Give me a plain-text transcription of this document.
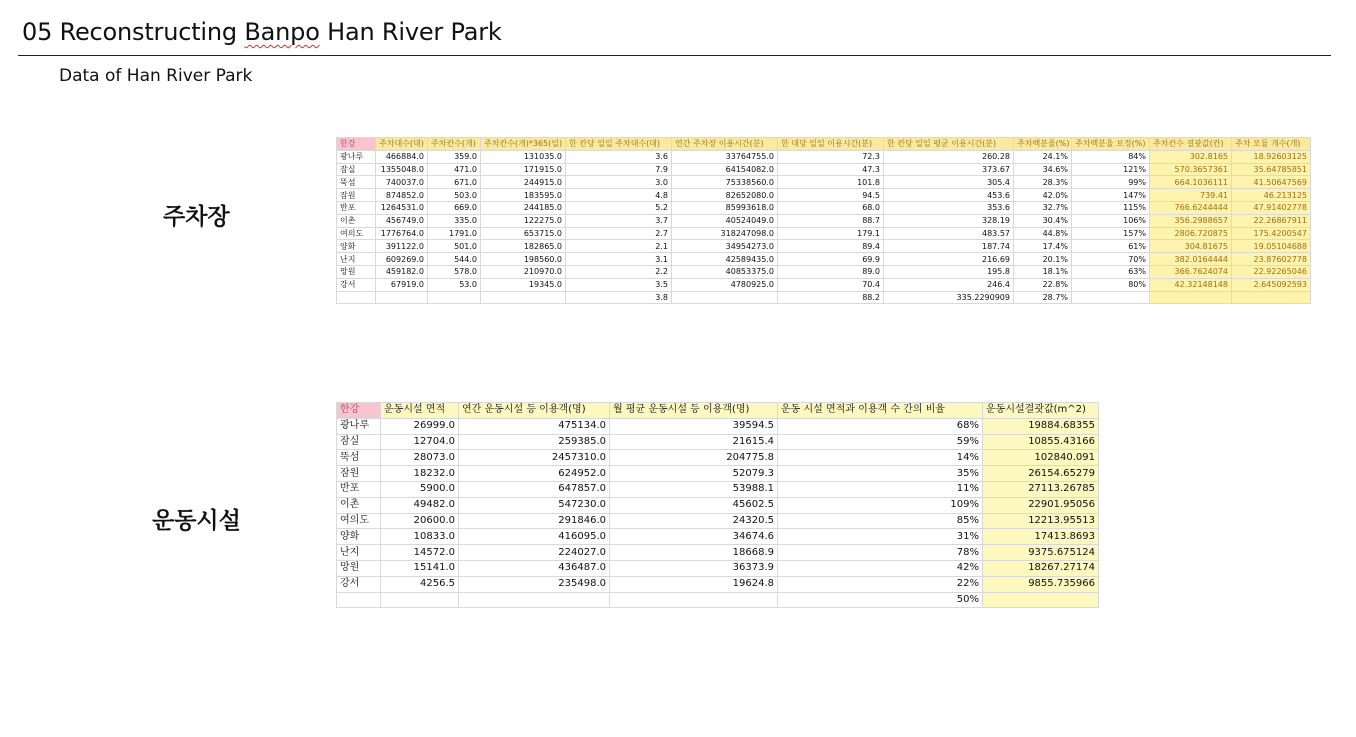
05 Reconstructing Banpo Han River Park
Data of Han River Park
주차장
운동시설
한강	주차대수(대)	주차칸수(개)	주차칸수(개)*365(일)	한 칸당 일일 주차대수(대)	연간 주차장 이용시간(분)	한 대당 일일 이용시간(분)	한 칸당 일일 평균 이용시간(분)	주차백분율(%)	주차백분율 보정(%)	주차칸수 결괏값(칸)	주차 모듈 개수(개)
광나루	466884.0	359.0	131035.0	3.6	33764755.0	72.3	260.28	24.1%	84%	302.8165	18.92603125
잠실	1355048.0	471.0	171915.0	7.9	64154082.0	47.3	373.67	34.6%	121%	570.3657361	35.64785851
뚝섬	740037.0	671.0	244915.0	3.0	75338560.0	101.8	305.4	28.3%	99%	664.1036111	41.50647569
잠원	874852.0	503.0	183595.0	4.8	82652080.0	94.5	453.6	42.0%	147%	739.41	46.213125
반포	1264531.0	669.0	244185.0	5.2	85993618.0	68.0	353.6	32.7%	115%	766.6244444	47.91402778
이촌	456749.0	335.0	122275.0	3.7	40524049.0	88.7	328.19	30.4%	106%	356.2988657	22.26867911
여의도	1776764.0	1791.0	653715.0	2.7	318247098.0	179.1	483.57	44.8%	157%	2806.720875	175.4200547
양화	391122.0	501.0	182865.0	2.1	34954273.0	89.4	187.74	17.4%	61%	304.81675	19.05104688
난지	609269.0	544.0	198560.0	3.1	42589435.0	69.9	216.69	20.1%	70%	382.0164444	23.87602778
망원	459182.0	578.0	210970.0	2.2	40853375.0	89.0	195.8	18.1%	63%	366.7624074	22.92265046
강서	67919.0	53.0	19345.0	3.5	4780925.0	70.4	246.4	22.8%	80%	42.32148148	2.645092593
				3.8		88.2	335.2290909	28.7%			
한강	운동시설 면적	연간 운동시설 등 이용객(명)	월 평균 운동시설 등 이용객(명)	운동 시설 면적과 이용객 수 간의 비율	운동시설결괏값(m^2)
광나루	26999.0	475134.0	39594.5	68%	19884.68355
잠실	12704.0	259385.0	21615.4	59%	10855.43166
뚝섬	28073.0	2457310.0	204775.8	14%	102840.091
잠원	18232.0	624952.0	52079.3	35%	26154.65279
반포	5900.0	647857.0	53988.1	11%	27113.26785
이촌	49482.0	547230.0	45602.5	109%	22901.95056
여의도	20600.0	291846.0	24320.5	85%	12213.95513
양화	10833.0	416095.0	34674.6	31%	17413.8693
난지	14572.0	224027.0	18668.9	78%	9375.675124
망원	15141.0	436487.0	36373.9	42%	18267.27174
강서	4256.5	235498.0	19624.8	22%	9855.735966
				50%	
